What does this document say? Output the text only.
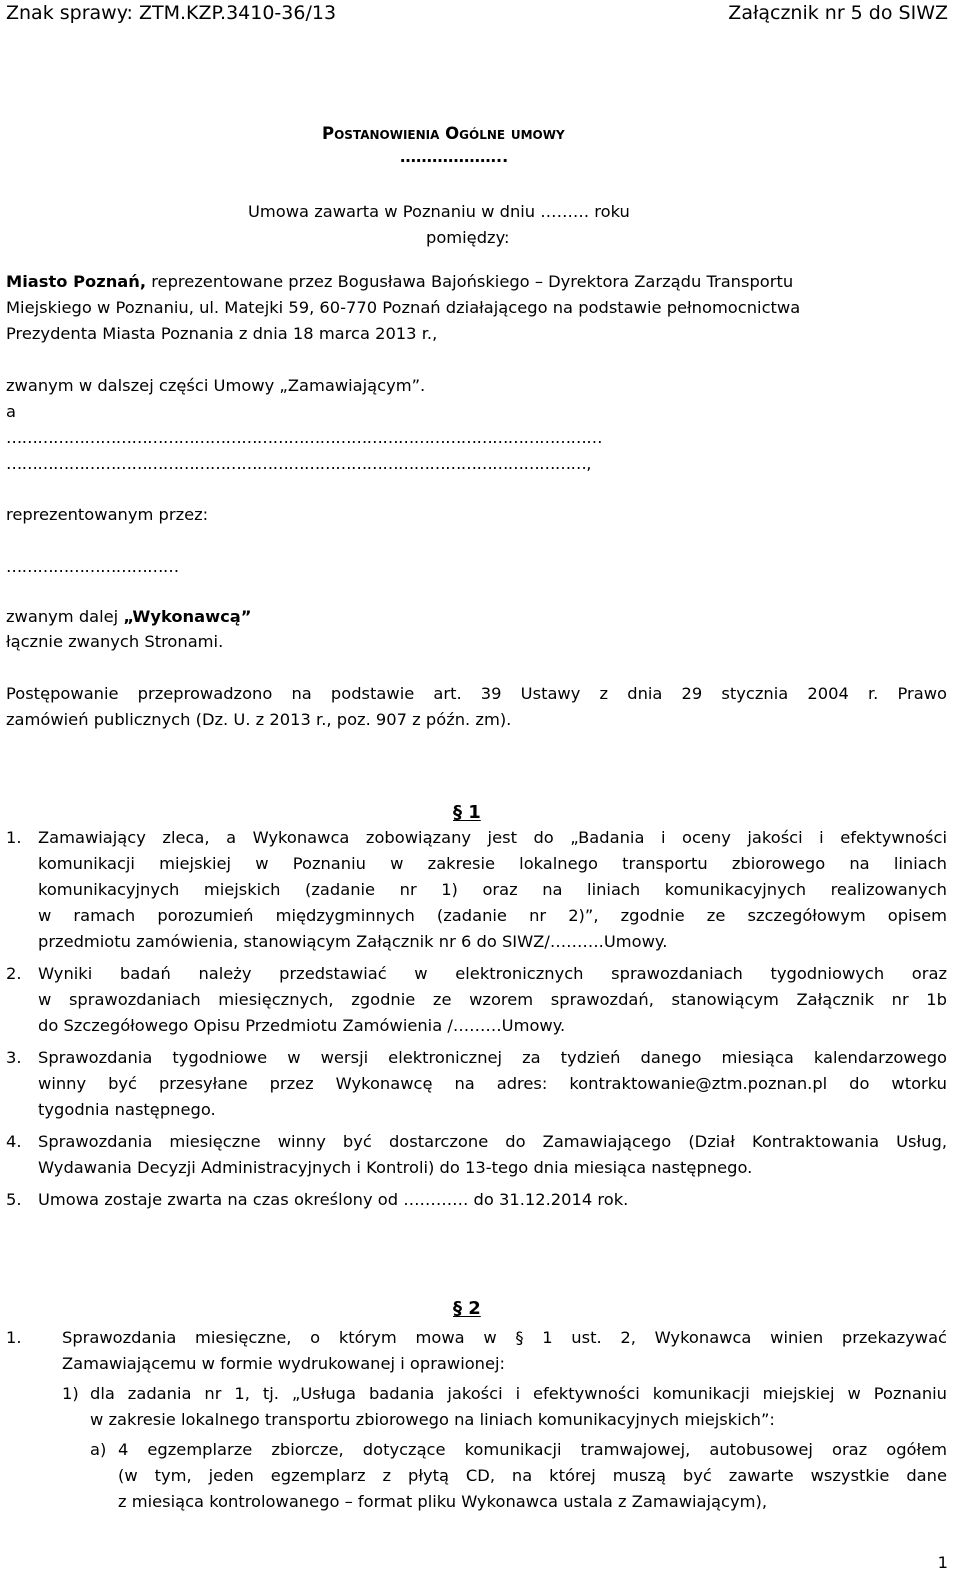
Znak sprawy: ZTM.KZP.3410-36/13	Załącznik nr 5 do SIWZ
Postanowienia Ogólne umowy
………………..
Umowa zawarta w Poznaniu w dniu ……… roku
pomiędzy:
Miasto Poznań, reprezentowane przez Bogusława Bajońskiego – Dyrektora Zarządu Transportu
Miejskiego w Poznaniu, ul. Matejki 59, 60-770 Poznań działającego na podstawie pełnomocnictwa
Prezydenta Miasta Poznania z dnia 18 marca 2013 r.,
zwanym w dalszej części Umowy „Zamawiającym”.
a
……………………………………………………………………………………………………
…………………………………………………………………………………………………,
reprezentowanym przez:
……………………………
zwanym dalej „Wykonawcą”
łącznie zwanych Stronami.
Postępowanie przeprowadzono na podstawie art. 39 Ustawy z dnia 29 stycznia 2004 r. Prawo
zamówień publicznych (Dz. U. z 2013 r., poz. 907 z późn. zm).
§ 1
1. Zamawiający zleca, a Wykonawca zobowiązany jest do „Badania i oceny jakości i efektywności
komunikacji miejskiej w Poznaniu w zakresie lokalnego transportu zbiorowego na liniach
komunikacyjnych miejskich (zadanie nr 1) oraz na liniach komunikacyjnych realizowanych
w ramach porozumień międzygminnych (zadanie nr 2)”, zgodnie ze szczegółowym opisem
przedmiotu zamówienia, stanowiącym Załącznik nr 6 do SIWZ/……….Umowy.
2. Wyniki badań należy przedstawiać w elektronicznych sprawozdaniach tygodniowych oraz
w sprawozdaniach miesięcznych, zgodnie ze wzorem sprawozdań, stanowiącym Załącznik nr 1b
do Szczegółowego Opisu Przedmiotu Zamówienia /………Umowy.
3. Sprawozdania tygodniowe w wersji elektronicznej za tydzień danego miesiąca kalendarzowego
winny być przesyłane przez Wykonawcę na adres: kontraktowanie@ztm.poznan.pl do wtorku
tygodnia następnego.
4. Sprawozdania miesięczne winny być dostarczone do Zamawiającego (Dział Kontraktowania Usług,
Wydawania Decyzji Administracyjnych i Kontroli) do 13-tego dnia miesiąca następnego.
5. Umowa zostaje zwarta na czas określony od ………… do 31.12.2014 rok.
§ 2
1. Sprawozdania miesięczne, o którym mowa w § 1 ust. 2, Wykonawca winien przekazywać
Zamawiającemu w formie wydrukowanej i oprawionej:
1) dla zadania nr 1, tj. „Usługa badania jakości i efektywności komunikacji miejskiej w Poznaniu
w zakresie lokalnego transportu zbiorowego na liniach komunikacyjnych miejskich”:
a) 4 egzemplarze zbiorcze, dotyczące komunikacji tramwajowej, autobusowej oraz ogółem
(w tym, jeden egzemplarz z płytą CD, na której muszą być zawarte wszystkie dane
z miesiąca kontrolowanego – format pliku Wykonawca ustala z Zamawiającym),
1
